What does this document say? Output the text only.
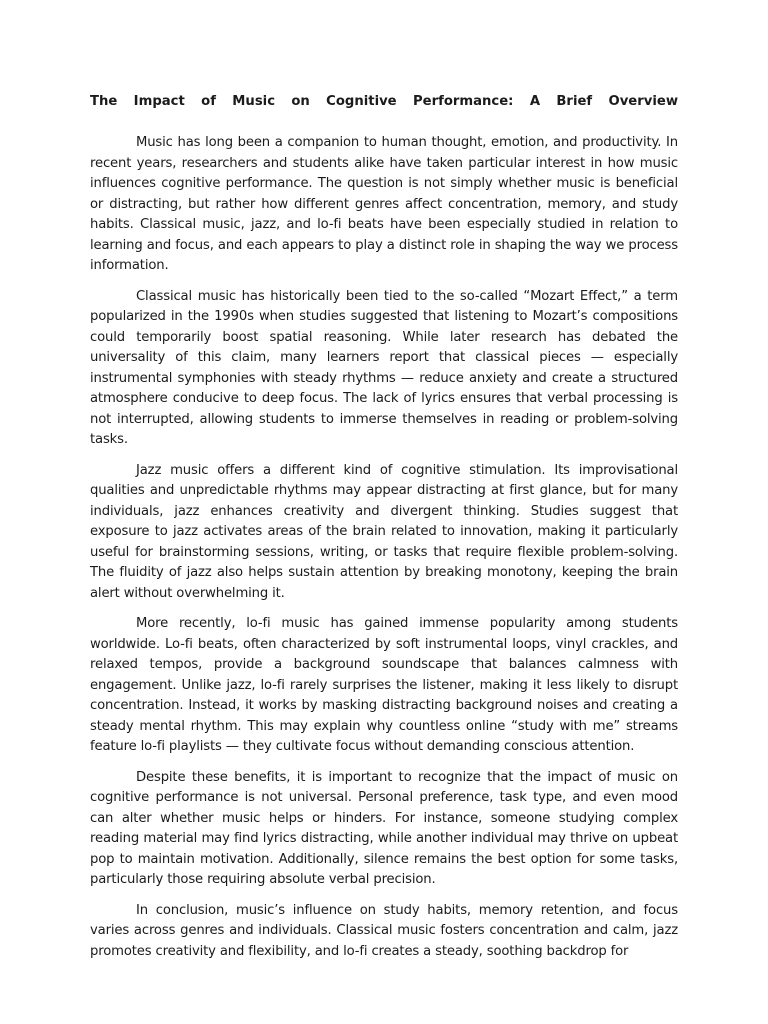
The Impact of Music on Cognitive Performance: A Brief Overview

Music has long been a companion to human thought, emotion, and productivity. In recent years, researchers and students alike have taken particular interest in how music influences cognitive performance. The question is not simply whether music is beneficial or distracting, but rather how different genres affect concentration, memory, and study habits. Classical music, jazz, and lo-fi beats have been especially studied in relation to learning and focus, and each appears to play a distinct role in shaping the way we process information.

Classical music has historically been tied to the so-called “Mozart Effect,” a term popularized in the 1990s when studies suggested that listening to Mozart’s compositions could temporarily boost spatial reasoning. While later research has debated the universality of this claim, many learners report that classical pieces — especially instrumental symphonies with steady rhythms — reduce anxiety and create a structured atmosphere conducive to deep focus. The lack of lyrics ensures that verbal processing is not interrupted, allowing students to immerse themselves in reading or problem-solving tasks.

Jazz music offers a different kind of cognitive stimulation. Its improvisational qualities and unpredictable rhythms may appear distracting at first glance, but for many individuals, jazz enhances creativity and divergent thinking. Studies suggest that exposure to jazz activates areas of the brain related to innovation, making it particularly useful for brainstorming sessions, writing, or tasks that require flexible problem-solving. The fluidity of jazz also helps sustain attention by breaking monotony, keeping the brain alert without overwhelming it.

More recently, lo-fi music has gained immense popularity among students worldwide. Lo-fi beats, often characterized by soft instrumental loops, vinyl crackles, and relaxed tempos, provide a background soundscape that balances calmness with engagement. Unlike jazz, lo-fi rarely surprises the listener, making it less likely to disrupt concentration. Instead, it works by masking distracting background noises and creating a steady mental rhythm. This may explain why countless online “study with me” streams feature lo-fi playlists — they cultivate focus without demanding conscious attention.

Despite these benefits, it is important to recognize that the impact of music on cognitive performance is not universal. Personal preference, task type, and even mood can alter whether music helps or hinders. For instance, someone studying complex reading material may find lyrics distracting, while another individual may thrive on upbeat pop to maintain motivation. Additionally, silence remains the best option for some tasks, particularly those requiring absolute verbal precision.

In conclusion, music’s influence on study habits, memory retention, and focus varies across genres and individuals. Classical music fosters concentration and calm, jazz promotes creativity and flexibility, and lo-fi creates a steady, soothing backdrop for
